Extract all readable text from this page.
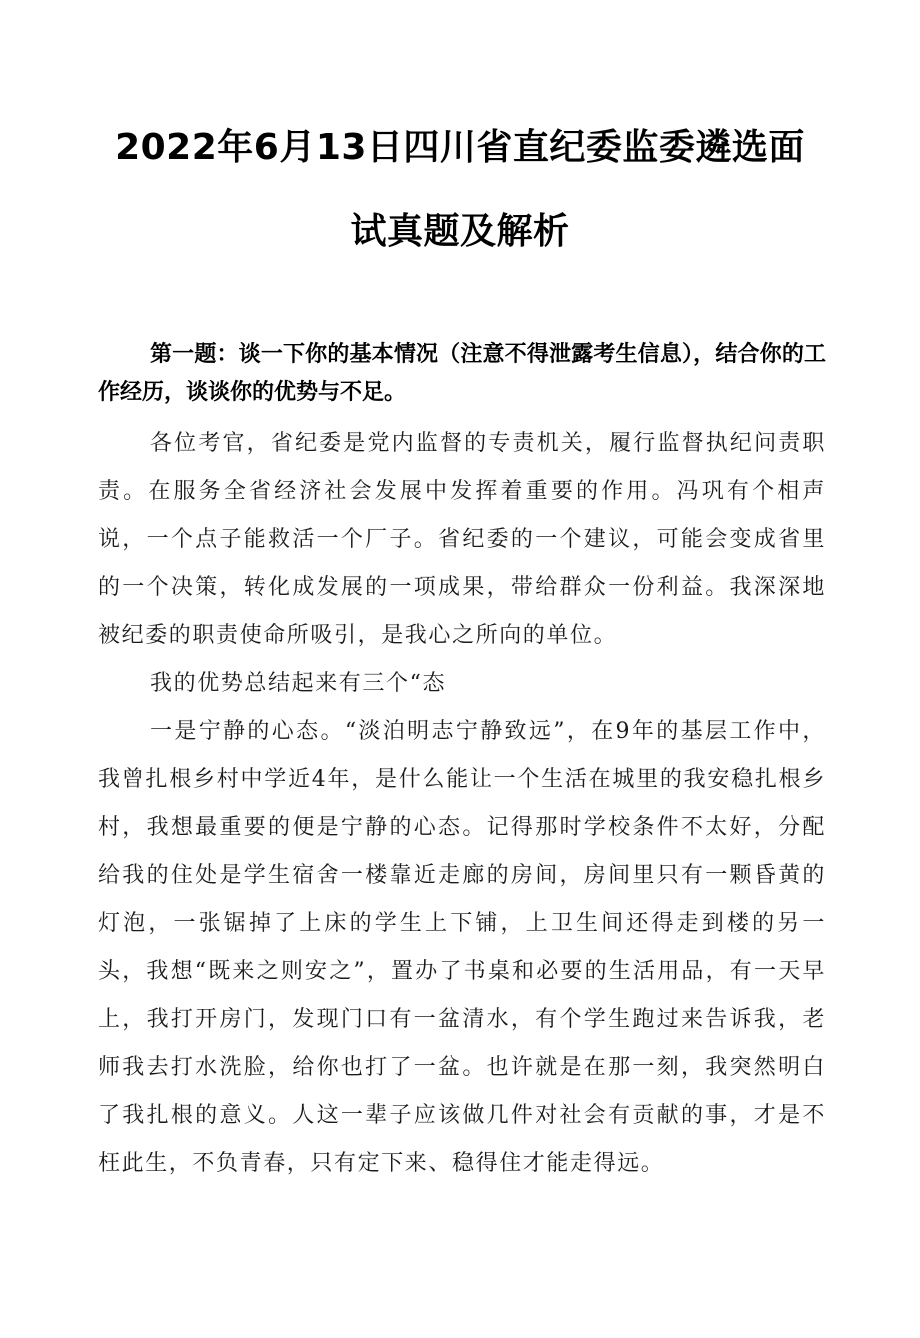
2022年6月13日四川省直纪委监委遴选面
试真题及解析

第一题：谈一下你的基本情况（注意不得泄露考生信息），结合你的工作经历，谈谈你的优势与不足。

各位考官，省纪委是党内监督的专责机关，履行监督执纪问责职责。在服务全省经济社会发展中发挥着重要的作用。冯巩有个相声说，一个点子能救活一个厂子。省纪委的一个建议，可能会变成省里的一个决策，转化成发展的一项成果，带给群众一份利益。我深深地被纪委的职责使命所吸引，是我心之所向的单位。

我的优势总结起来有三个“态

一是宁静的心态。“淡泊明志宁静致远”，在9年的基层工作中，我曾扎根乡村中学近4年，是什么能让一个生活在城里的我安稳扎根乡村，我想最重要的便是宁静的心态。记得那时学校条件不太好，分配给我的住处是学生宿舍一楼靠近走廊的房间，房间里只有一颗昏黄的灯泡，一张锯掉了上床的学生上下铺，上卫生间还得走到楼的另一头，我想“既来之则安之”，置办了书桌和必要的生活用品，有一天早上，我打开房门，发现门口有一盆清水，有个学生跑过来告诉我，老师我去打水洗脸，给你也打了一盆。也许就是在那一刻，我突然明白了我扎根的意义。人这一辈子应该做几件对社会有贡献的事，才是不枉此生，不负青春，只有定下来、稳得住才能走得远。
